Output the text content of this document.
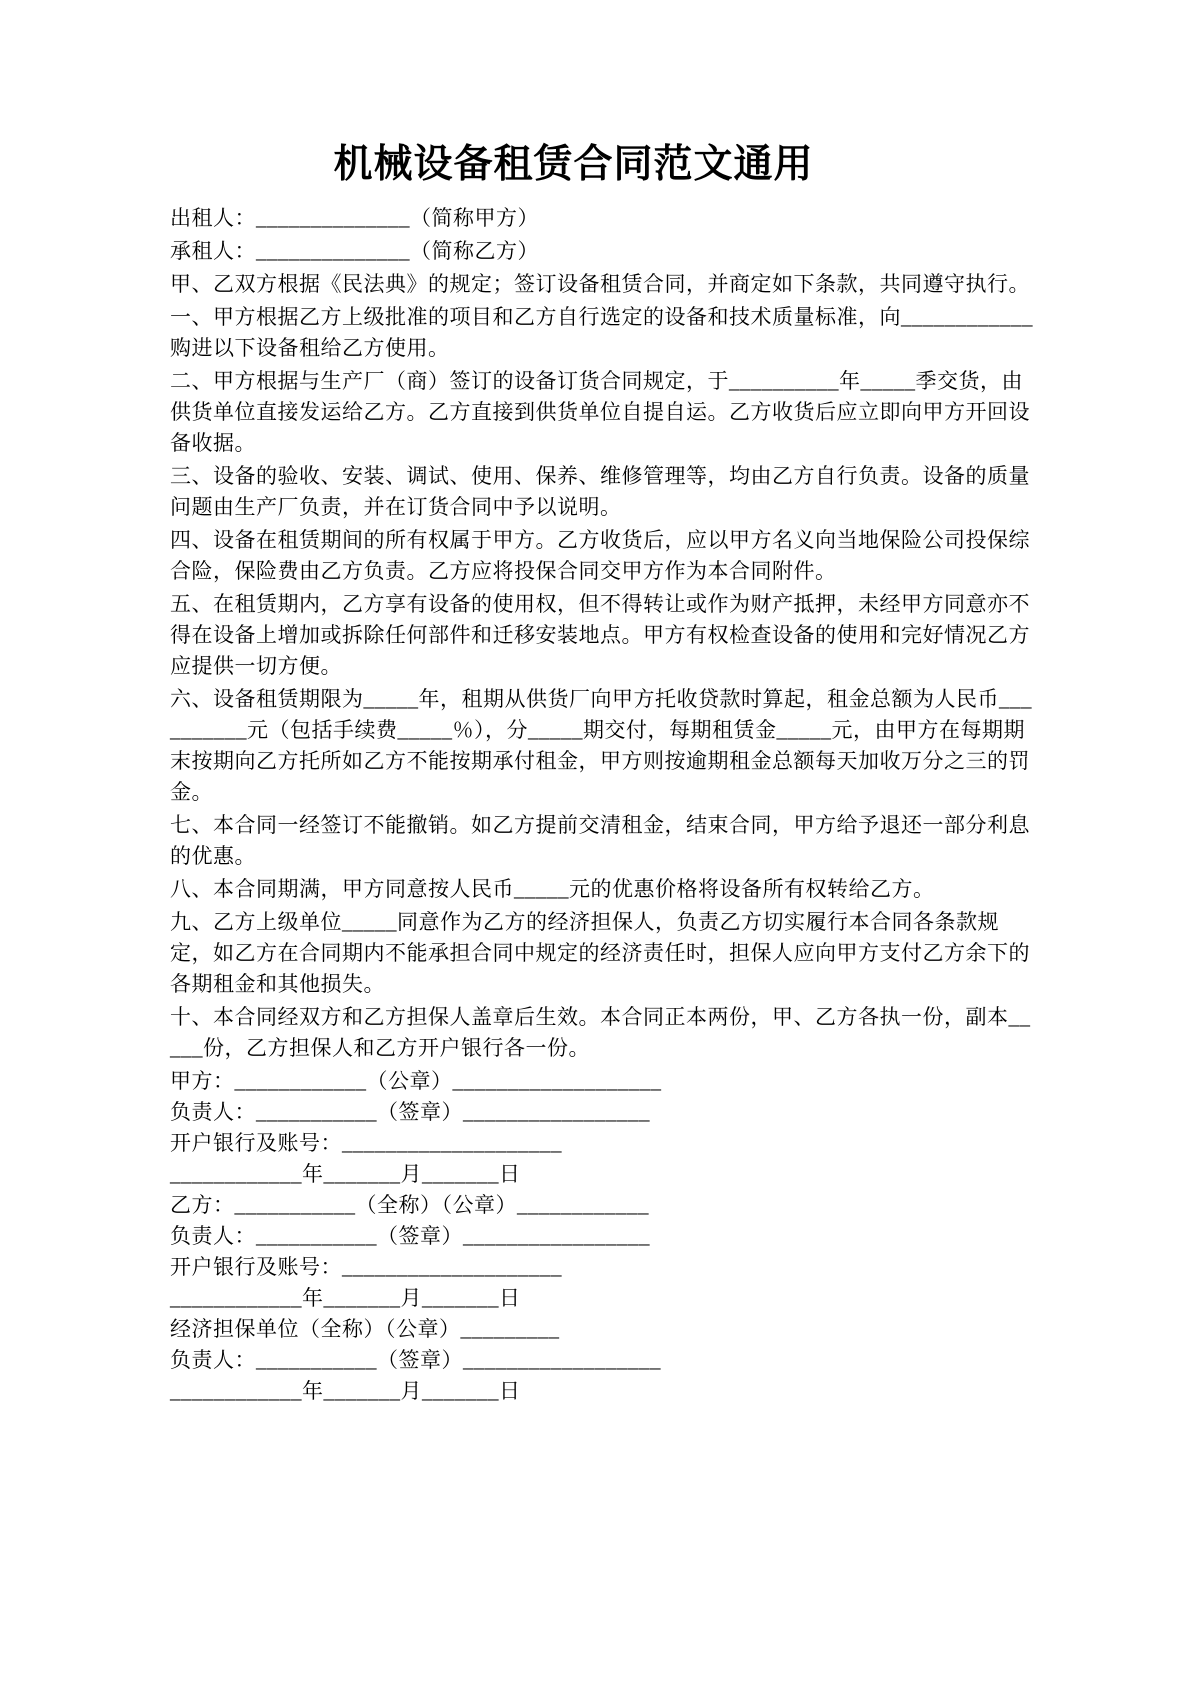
机械设备租赁合同范文通用
出租人：______________（简称甲方）
承租人：______________（简称乙方）
甲、乙双方根据《民法典》的规定；签订设备租赁合同，并商定如下条款，共同遵守执行。
一、甲方根据乙方上级批准的项目和乙方自行选定的设备和技术质量标准，向____________购进以下设备租给乙方使用。
二、甲方根据与生产厂（商）签订的设备订货合同规定，于__________年_____季交货，由供货单位直接发运给乙方。乙方直接到供货单位自提自运。乙方收货后应立即向甲方开回设备收据。
三、设备的验收、安装、调试、使用、保养、维修管理等，均由乙方自行负责。设备的质量问题由生产厂负责，并在订货合同中予以说明。
四、设备在租赁期间的所有权属于甲方。乙方收货后，应以甲方名义向当地保险公司投保综合险，保险费由乙方负责。乙方应将投保合同交甲方作为本合同附件。
五、在租赁期内，乙方享有设备的使用权，但不得转让或作为财产抵押，未经甲方同意亦不得在设备上增加或拆除任何部件和迁移安装地点。甲方有权检查设备的使用和完好情况乙方应提供一切方便。
六、设备租赁期限为_____年，租期从供货厂向甲方托收贷款时算起，租金总额为人民币__________元（包括手续费_____％），分_____期交付，每期租赁金_____元，由甲方在每期期末按期向乙方托所如乙方不能按期承付租金，甲方则按逾期租金总额每天加收万分之三的罚金。
七、本合同一经签订不能撤销。如乙方提前交清租金，结束合同，甲方给予退还一部分利息的优惠。
八、本合同期满，甲方同意按人民币_____元的优惠价格将设备所有权转给乙方。
九、乙方上级单位_____同意作为乙方的经济担保人，负责乙方切实履行本合同各条款规定，如乙方在合同期内不能承担合同中规定的经济责任时，担保人应向甲方支付乙方余下的各期租金和其他损失。
十、本合同经双方和乙方担保人盖章后生效。本合同正本两份，甲、乙方各执一份，副本_____份，乙方担保人和乙方开户银行各一份。
甲方：____________（公章）___________________
负责人：___________（签章）_________________
开户银行及账号：____________________
____________年_______月_______日
乙方：___________（全称）（公章）____________
负责人：___________（签章）_________________
开户银行及账号：____________________
____________年_______月_______日
经济担保单位（全称）（公章）_________
负责人：___________（签章）__________________
____________年_______月_______日
